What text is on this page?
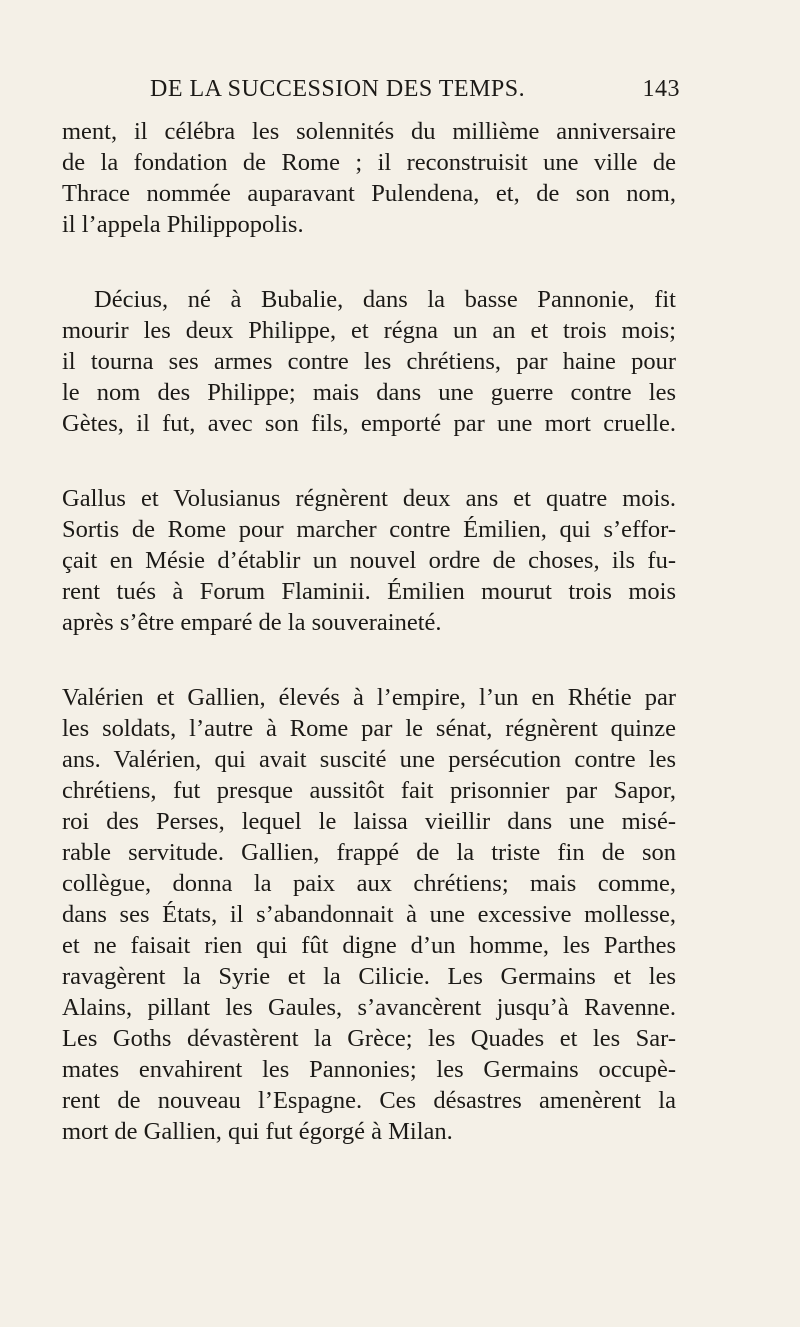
DE LA SUCCESSION DES TEMPS.	143

ment, il célébra les solennités du millième anniversaire
de la fondation de Rome ; il reconstruisit une ville de
Thrace nommée auparavant Pulendena, et, de son nom,
il l’appela Philippopolis.

Décius, né à Bubalie, dans la basse Pannonie, fit
mourir les deux Philippe, et régna un an et trois mois;
il tourna ses armes contre les chrétiens, par haine pour
le nom des Philippe; mais dans une guerre contre les
Gètes, il fut, avec son fils, emporté par une mort cruelle.

Gallus et Volusianus régnèrent deux ans et quatre mois.
Sortis de Rome pour marcher contre Émilien, qui s’effor-
çait en Mésie d’établir un nouvel ordre de choses, ils fu-
rent tués à Forum Flaminii. Émilien mourut trois mois
après s’être emparé de la souveraineté.

Valérien et Gallien, élevés à l’empire, l’un en Rhétie par
les soldats, l’autre à Rome par le sénat, régnèrent quinze
ans. Valérien, qui avait suscité une persécution contre les
chrétiens, fut presque aussitôt fait prisonnier par Sapor,
roi des Perses, lequel le laissa vieillir dans une misé-
rable servitude. Gallien, frappé de la triste fin de son
collègue, donna la paix aux chrétiens; mais comme,
dans ses États, il s’abandonnait à une excessive mollesse,
et ne faisait rien qui fût digne d’un homme, les Parthes
ravagèrent la Syrie et la Cilicie. Les Germains et les
Alains, pillant les Gaules, s’avancèrent jusqu’à Ravenne.
Les Goths dévastèrent la Grèce; les Quades et les Sar-
mates envahirent les Pannonies; les Germains occupè-
rent de nouveau l’Espagne. Ces désastres amenèrent la
mort de Gallien, qui fut égorgé à Milan.
